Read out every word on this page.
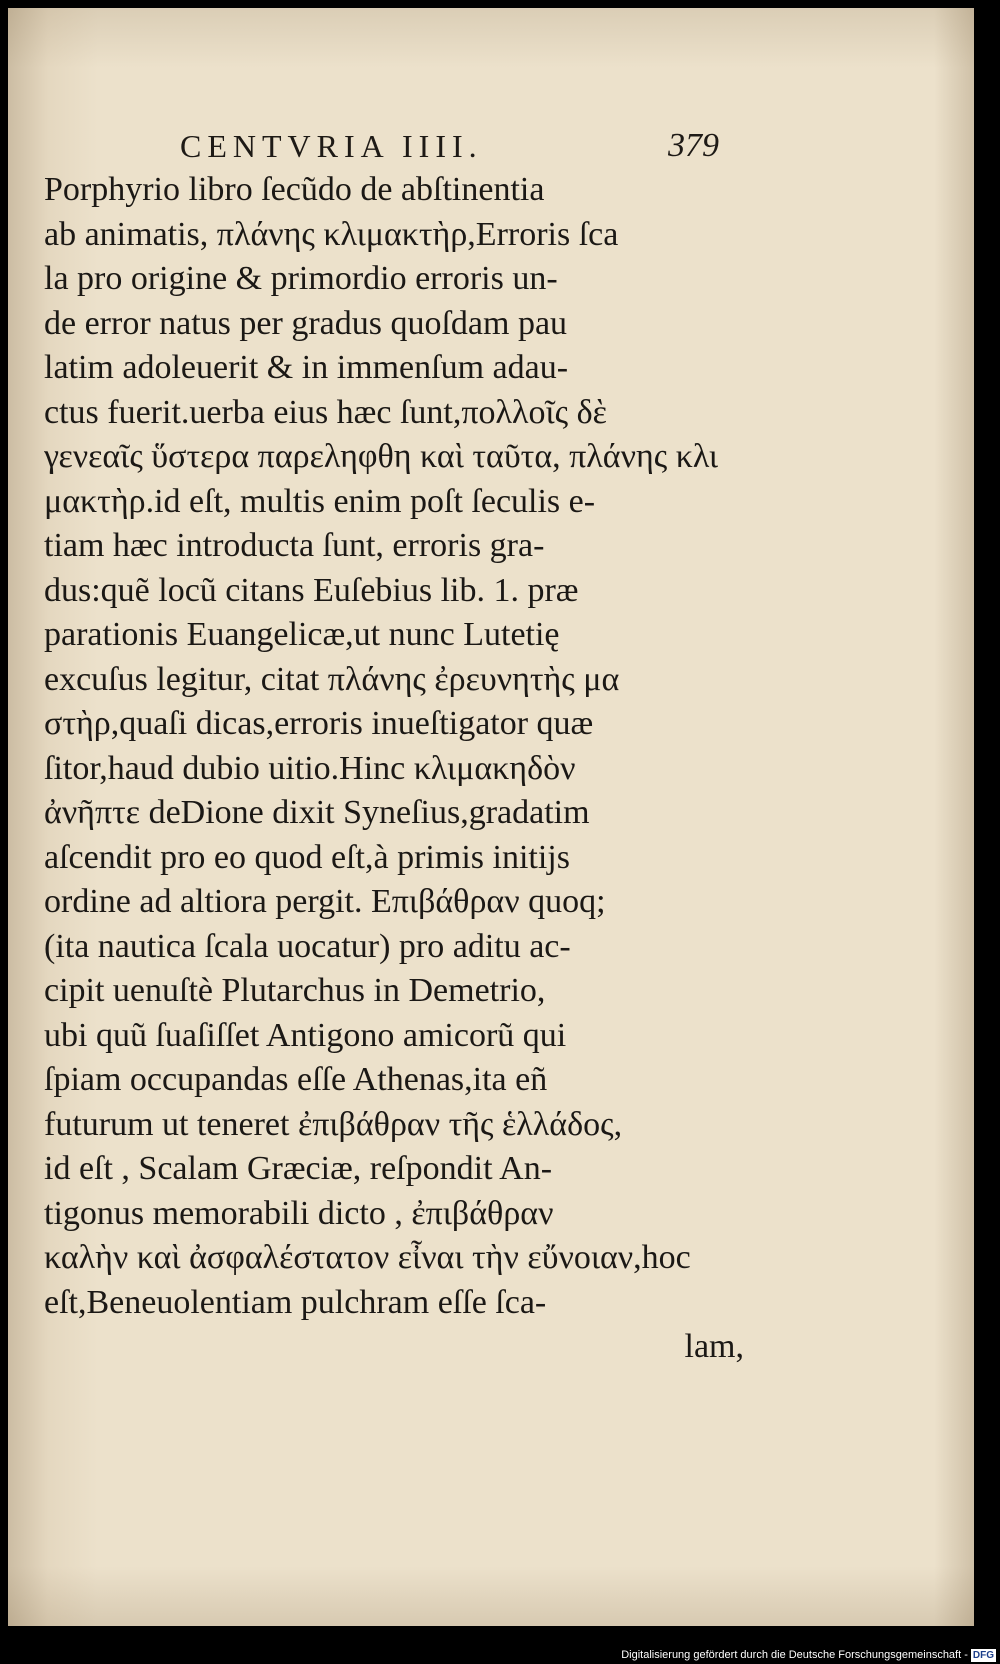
CENTVRIA IIII.	379
Porphyrio libro ſecũdo de abſtinentia
ab animatis, πλάνης κλιμακτὴρ,Erroris ſca
la pro origine & primordio erroris un-
de error natus per gradus quoſdam pau
latim adoleuerit & in immenſum adau-
ctus fuerit.uerba eius hæc ſunt,πολλοῖς δὲ
γενεαῖς ὕστερα παρεληφθη καὶ ταῦτα, πλάνης κλι
μακτὴρ.id eſt, multis enim poſt ſeculis e-
tiam hæc introducta ſunt, erroris gra-
dus:quẽ locũ citans Euſebius lib. 1. præ
parationis Euangelicæ,ut nunc Lutetię
excuſus legitur, citat πλάνης ἐρευνητὴς μα
στὴρ,quaſi dicas,erroris inueſtigator quæ
ſitor,haud dubio uitio.Hinc κλιμακηδὸν
ἀνῆπτε deDione dixit Syneſius,gradatim
aſcendit pro eo quod eſt,à primis initijs
ordine ad altiora pergit. Επιβάθραν quoq;
(ita nautica ſcala uocatur) pro aditu ac-
cipit uenuſtè Plutarchus in Demetrio,
ubi quũ ſuaſiſſet Antigono amicorũ qui
ſpiam occupandas eſſe Athenas,ita eñ
futurum ut teneret ἐπιβάθραν τῆς ἑλλάδος,
id eſt , Scalam Græciæ, reſpondit An-
tigonus memorabili dicto , ἐπιβάθραν
καλὴν καὶ ἀσφαλέστατον εἶναι τὴν εὔνοιαν,hoc
eſt,Beneuolentiam pulchram eſſe ſca-
lam,
Digitalisierung gefördert durch die Deutsche Forschungsgemeinschaft - DFG
